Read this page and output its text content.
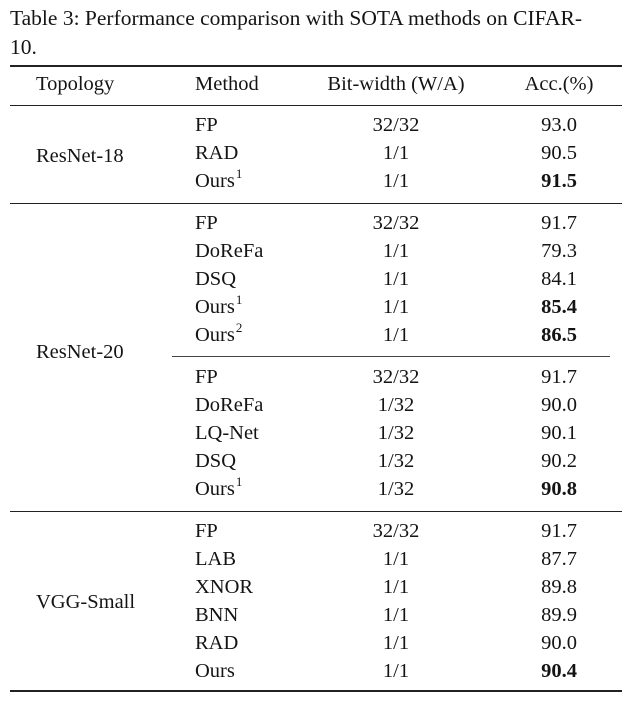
Table 3: Performance comparison with SOTA methods on CIFAR-
10.
Topology	Method	Bit-width (W/A)	Acc.(%)
ResNet-18
FP	32/32	93.0
RAD	1/1	90.5
Ours$^1$	1/1	91.5
ResNet-20
FP	32/32	91.7
DoReFa	1/1	79.3
DSQ	1/1	84.1
Ours$^1$	1/1	85.4
Ours$^2$	1/1	86.5
FP	32/32	91.7
DoReFa	1/32	90.0
LQ-Net	1/32	90.1
DSQ	1/32	90.2
Ours$^1$	1/32	90.8
VGG-Small
FP	32/32	91.7
LAB	1/1	87.7
XNOR	1/1	89.8
BNN	1/1	89.9
RAD	1/1	90.0
Ours	1/1	90.4
